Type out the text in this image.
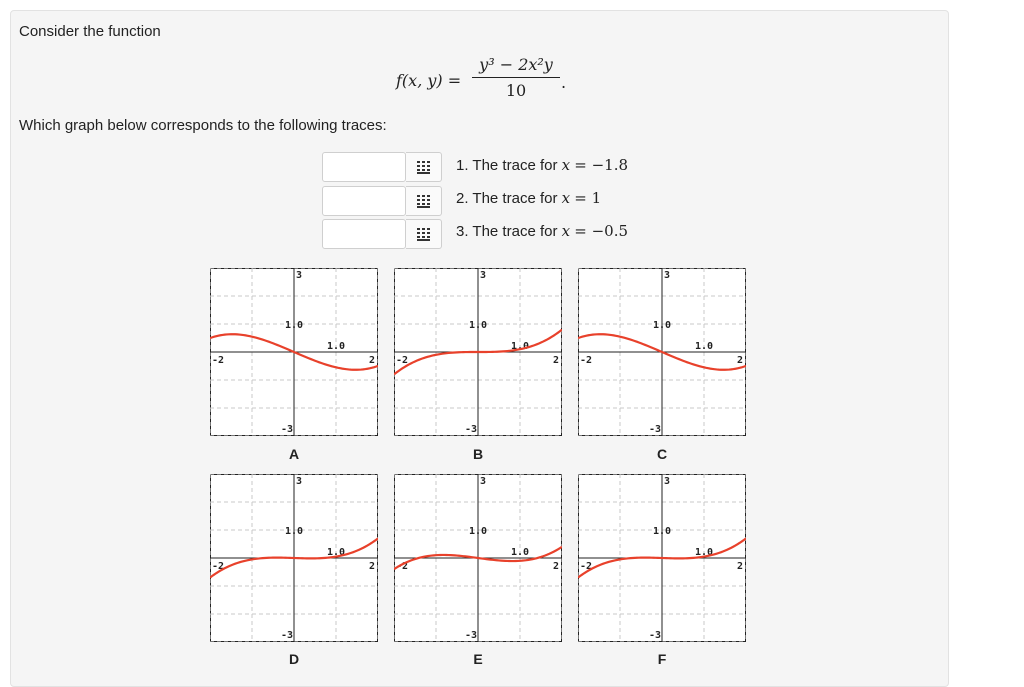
Consider the function
f(x, $y) = \frac{\text{y³ − 2x²y}}{10}$ .
Which graph below corresponds to the following traces:
1. The trace for x = −1.8
2. The trace for x = 1
3. The trace for x = −0.5
-2	2
1.0
3
-3
1.0
A
-2	2
1.0
3
-3
1.0
B
-2	2
1.0
3
-3
1.0
C
-2	2
1.0
3
-3
1.0
D
-2	2
1.0
3
-3
1.0
E
-2	2
1.0
3
-3
1.0
F
